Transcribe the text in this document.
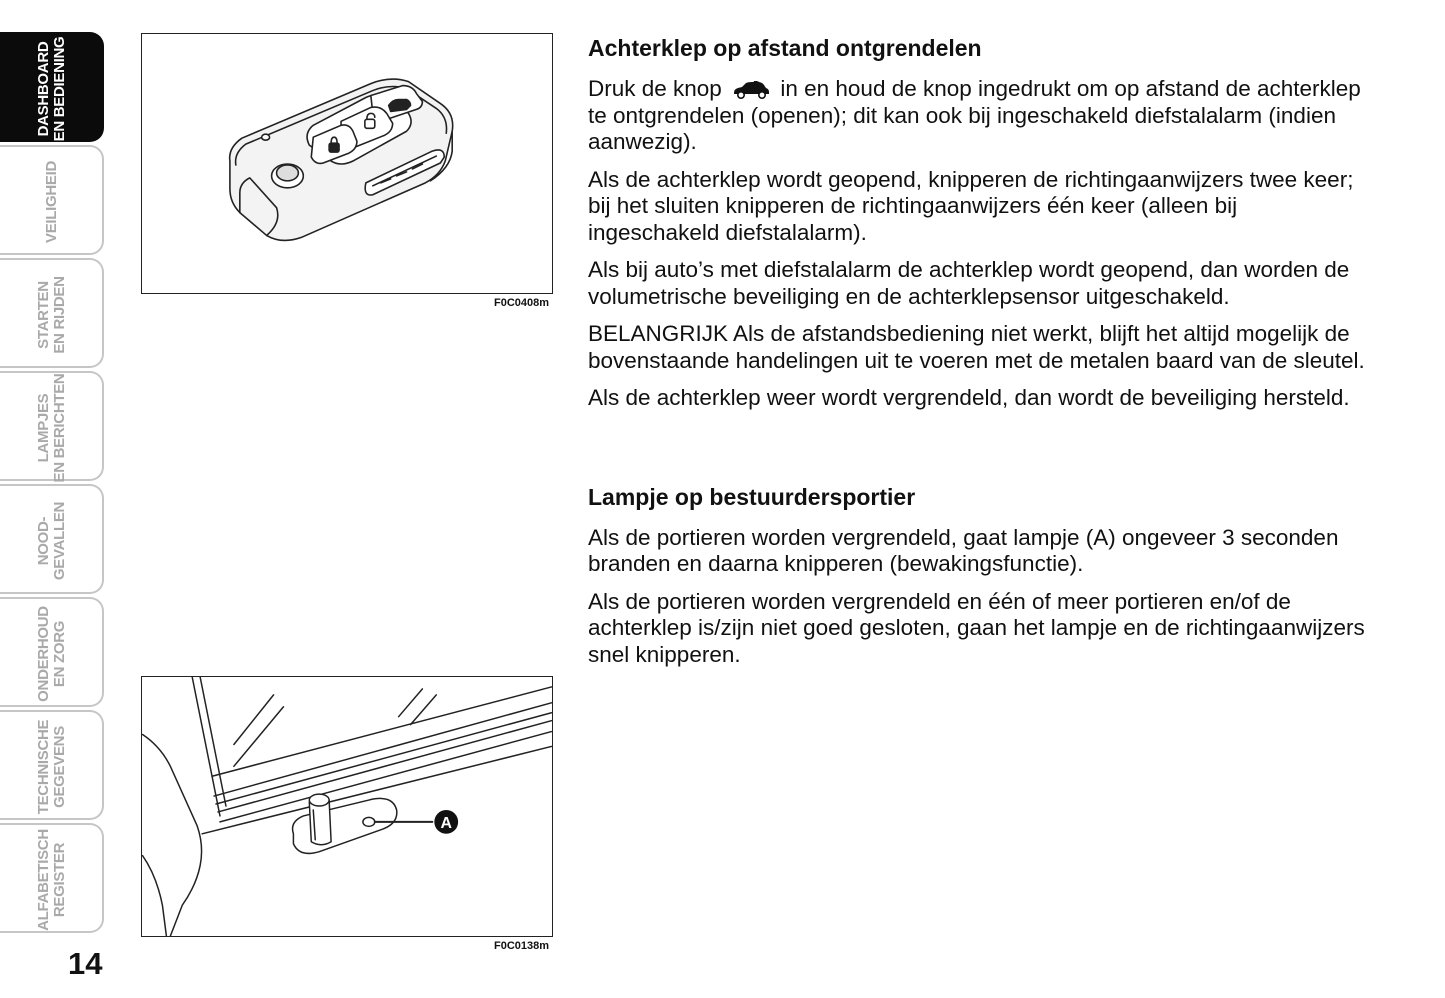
DASHBOARD EN BEDIENING
VEILIGHEID
STARTEN EN RIJDEN
LAMPJES EN BERICHTEN
NOOD- GEVALLEN
ONDERHOUD EN ZORG
TECHNISCHE GEGEVENS
ALFABETISCH REGISTER
14
F0C0408m
A
F0C0138m
Achterklep op afstand ontgrendelen

Druk de knop	in en houd de knop ingedrukt om op afstand de achterklep te ontgrendelen (openen); dit kan ook bij ingeschakeld diefstalalarm (indien aanwezig).

Als de achterklep wordt geopend, knipperen de richtingaanwijzers twee keer; bij het sluiten knipperen de richtingaanwijzers één keer (alleen bij ingeschakeld diefstalalarm).

Als bij auto’s met diefstalalarm de achterklep wordt geopend, dan worden de volumetrische beveiliging en de achterklepsensor uitgeschakeld.

BELANGRIJK Als de afstandsbediening niet werkt, blijft het altijd mogelijk de bovenstaande handelingen uit te voeren met de metalen baard van de sleutel.

Als de achterklep weer wordt vergrendeld, dan wordt de beveiliging hersteld.

Lampje op bestuurdersportier

Als de portieren worden vergrendeld, gaat lampje (A) ongeveer 3 seconden branden en daarna knipperen (bewakingsfunctie).

Als de portieren worden vergrendeld en één of meer portieren en/of de achterklep is/zijn niet goed gesloten, gaan het lampje en de richtingaanwijzers snel knipperen.
